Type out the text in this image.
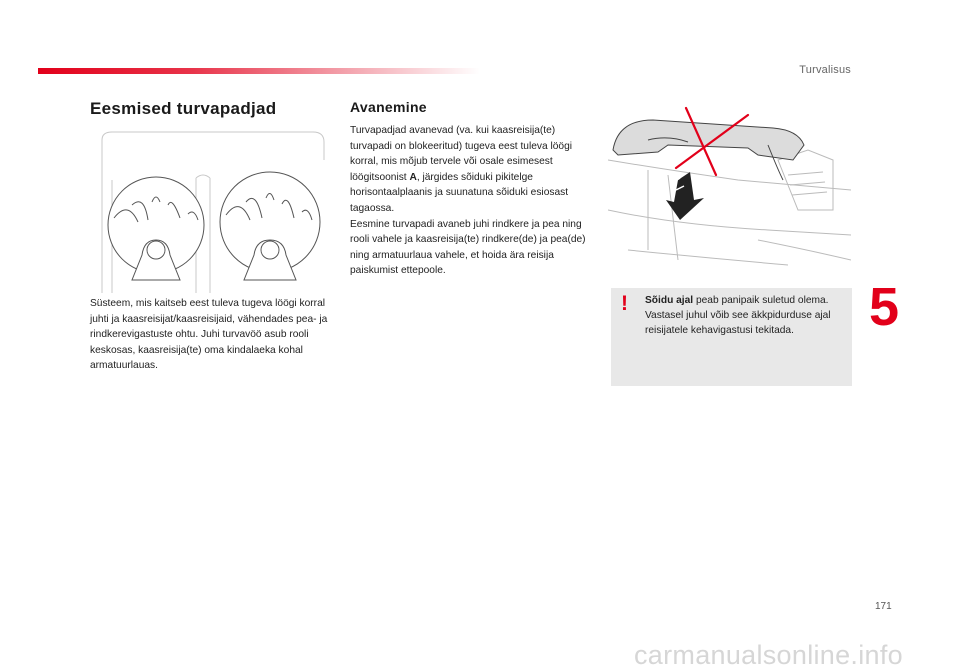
Turvalisus
Eesmised turvapadjad
Süsteem, mis kaitseb eest tuleva tugeva löögi korral juhti ja kaasreisijat/kaasreisijaid, vähendades pea- ja rindkerevigastuste ohtu. Juhi turvavöö asub rooli keskosas, kaasreisija(te) oma kindalaeka kohal armatuurlauas.
Avanemine

Turvapadjad avanevad (va. kui kaasreisija(te) turvapadi on blokeeritud) tugeva eest tuleva löögi korral, mis mõjub tervele või osale esimesest löögitsoonist A, järgides sõiduki pikitelge horisontaalplaanis ja suunatuna sõiduki esiosast tagaossa.

Eesmine turvapadi avaneb juhi rindkere ja pea ning rooli vahele ja kaasreisija(te) rindkere(de) ja pea(de) ning armatuurlaua vahele, et hoida ära reisija paiskumist ettepoole.

! Sõidu ajal peab panipaik suletud olema. Vastasel juhul võib see äkkpidurduse ajal reisijatele kehavigastusi tekitada.	5
171
carmanualsonline.info
